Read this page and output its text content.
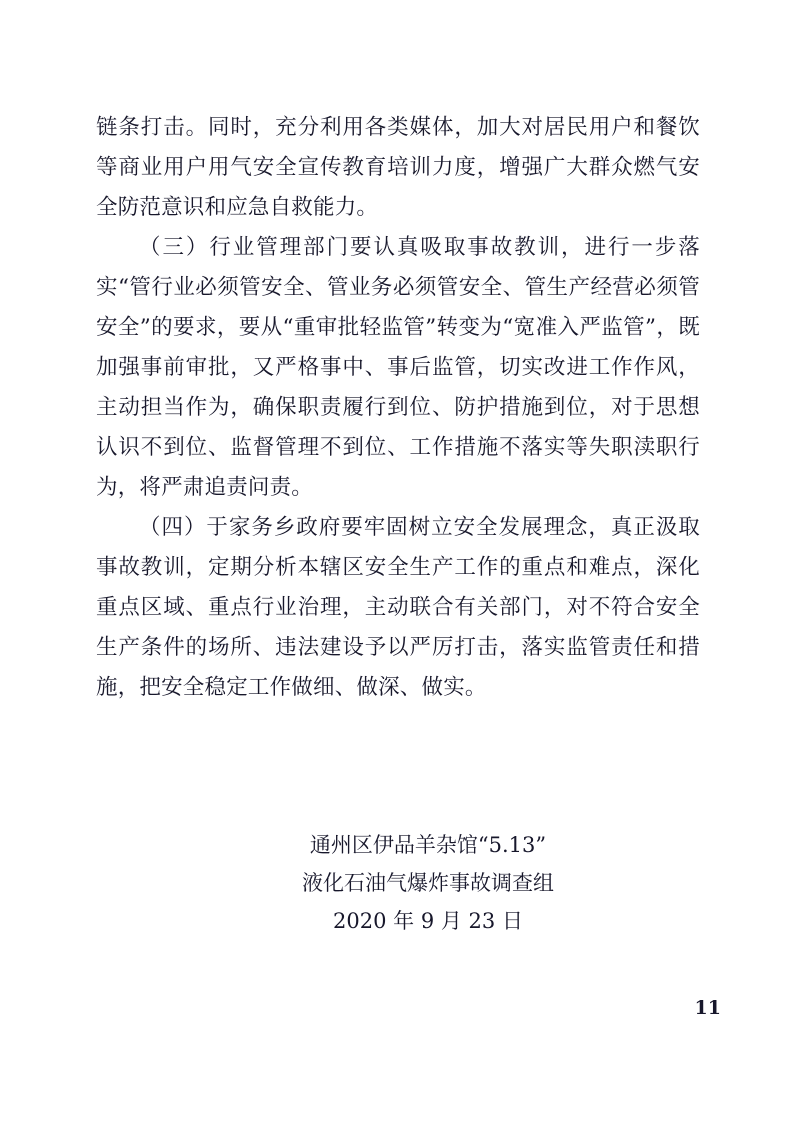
链条打击。同时，充分利用各类媒体，加大对居民用户和餐饮等商业用户用气安全宣传教育培训力度，增强广大群众燃气安全防范意识和应急自救能力。

（三）行业管理部门要认真吸取事故教训，进行一步落实“管行业必须管安全、管业务必须管安全、管生产经营必须管安全”的要求，要从“重审批轻监管”转变为“宽准入严监管”，既加强事前审批，又严格事中、事后监管，切实改进工作作风，主动担当作为，确保职责履行到位、防护措施到位，对于思想认识不到位、监督管理不到位、工作措施不落实等失职渎职行为，将严肃追责问责。

（四）于家务乡政府要牢固树立安全发展理念，真正汲取事故教训，定期分析本辖区安全生产工作的重点和难点，深化重点区域、重点行业治理，主动联合有关部门，对不符合安全生产条件的场所、违法建设予以严厉打击，落实监管责任和措施，把安全稳定工作做细、做深、做实。

通州区伊品羊杂馆“5.13”
液化石油气爆炸事故调查组
2020 年 9 月 23 日
11
